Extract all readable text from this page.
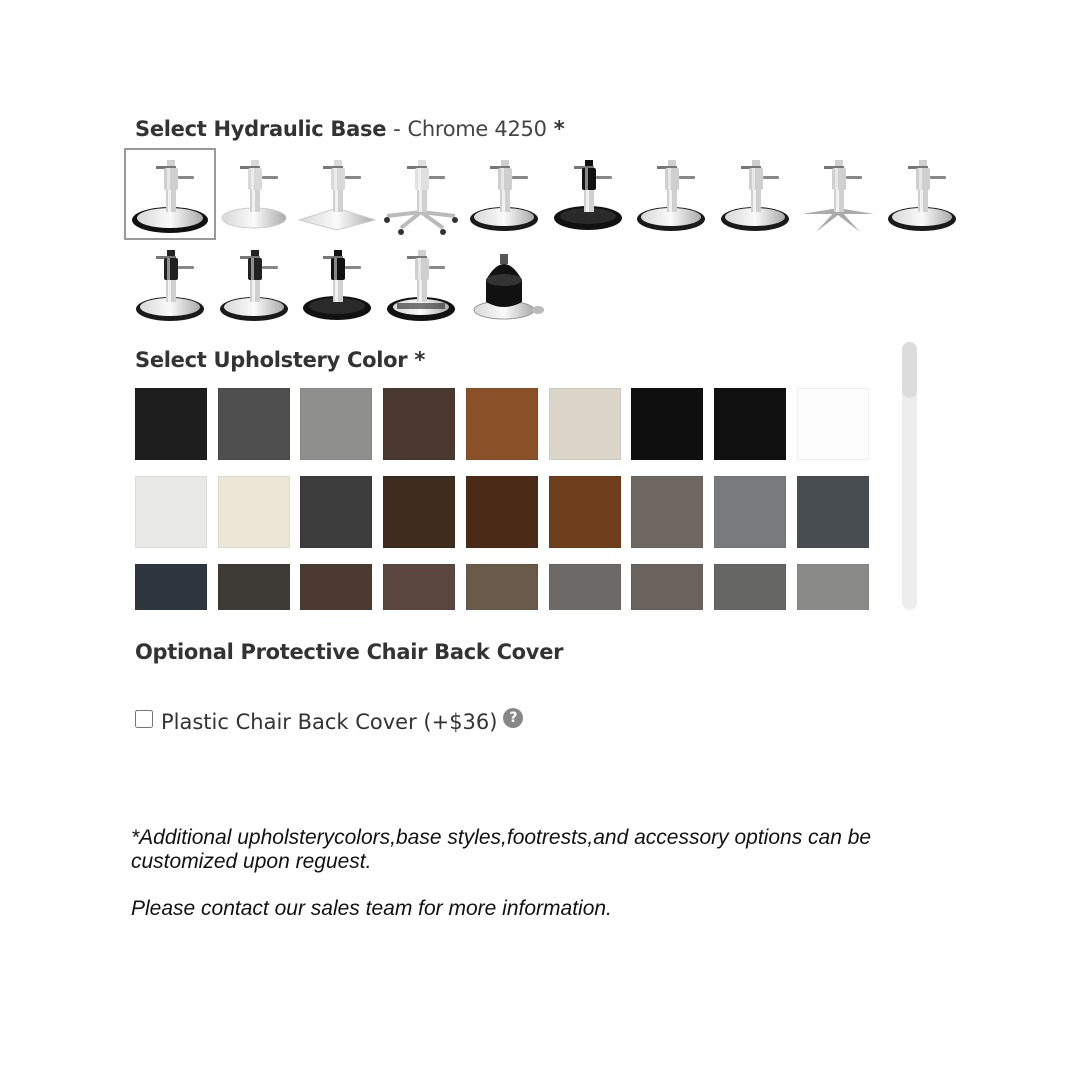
Select Hydraulic Base - Chrome 4250 *
Select Upholstery Color *
Optional Protective Chair Back Cover
Plastic Chair Back Cover (+$36) ?

*Additional upholsterycolors,base styles,footrests,and accessory options can be customized upon reguest.

Please contact our sales team for more information.
